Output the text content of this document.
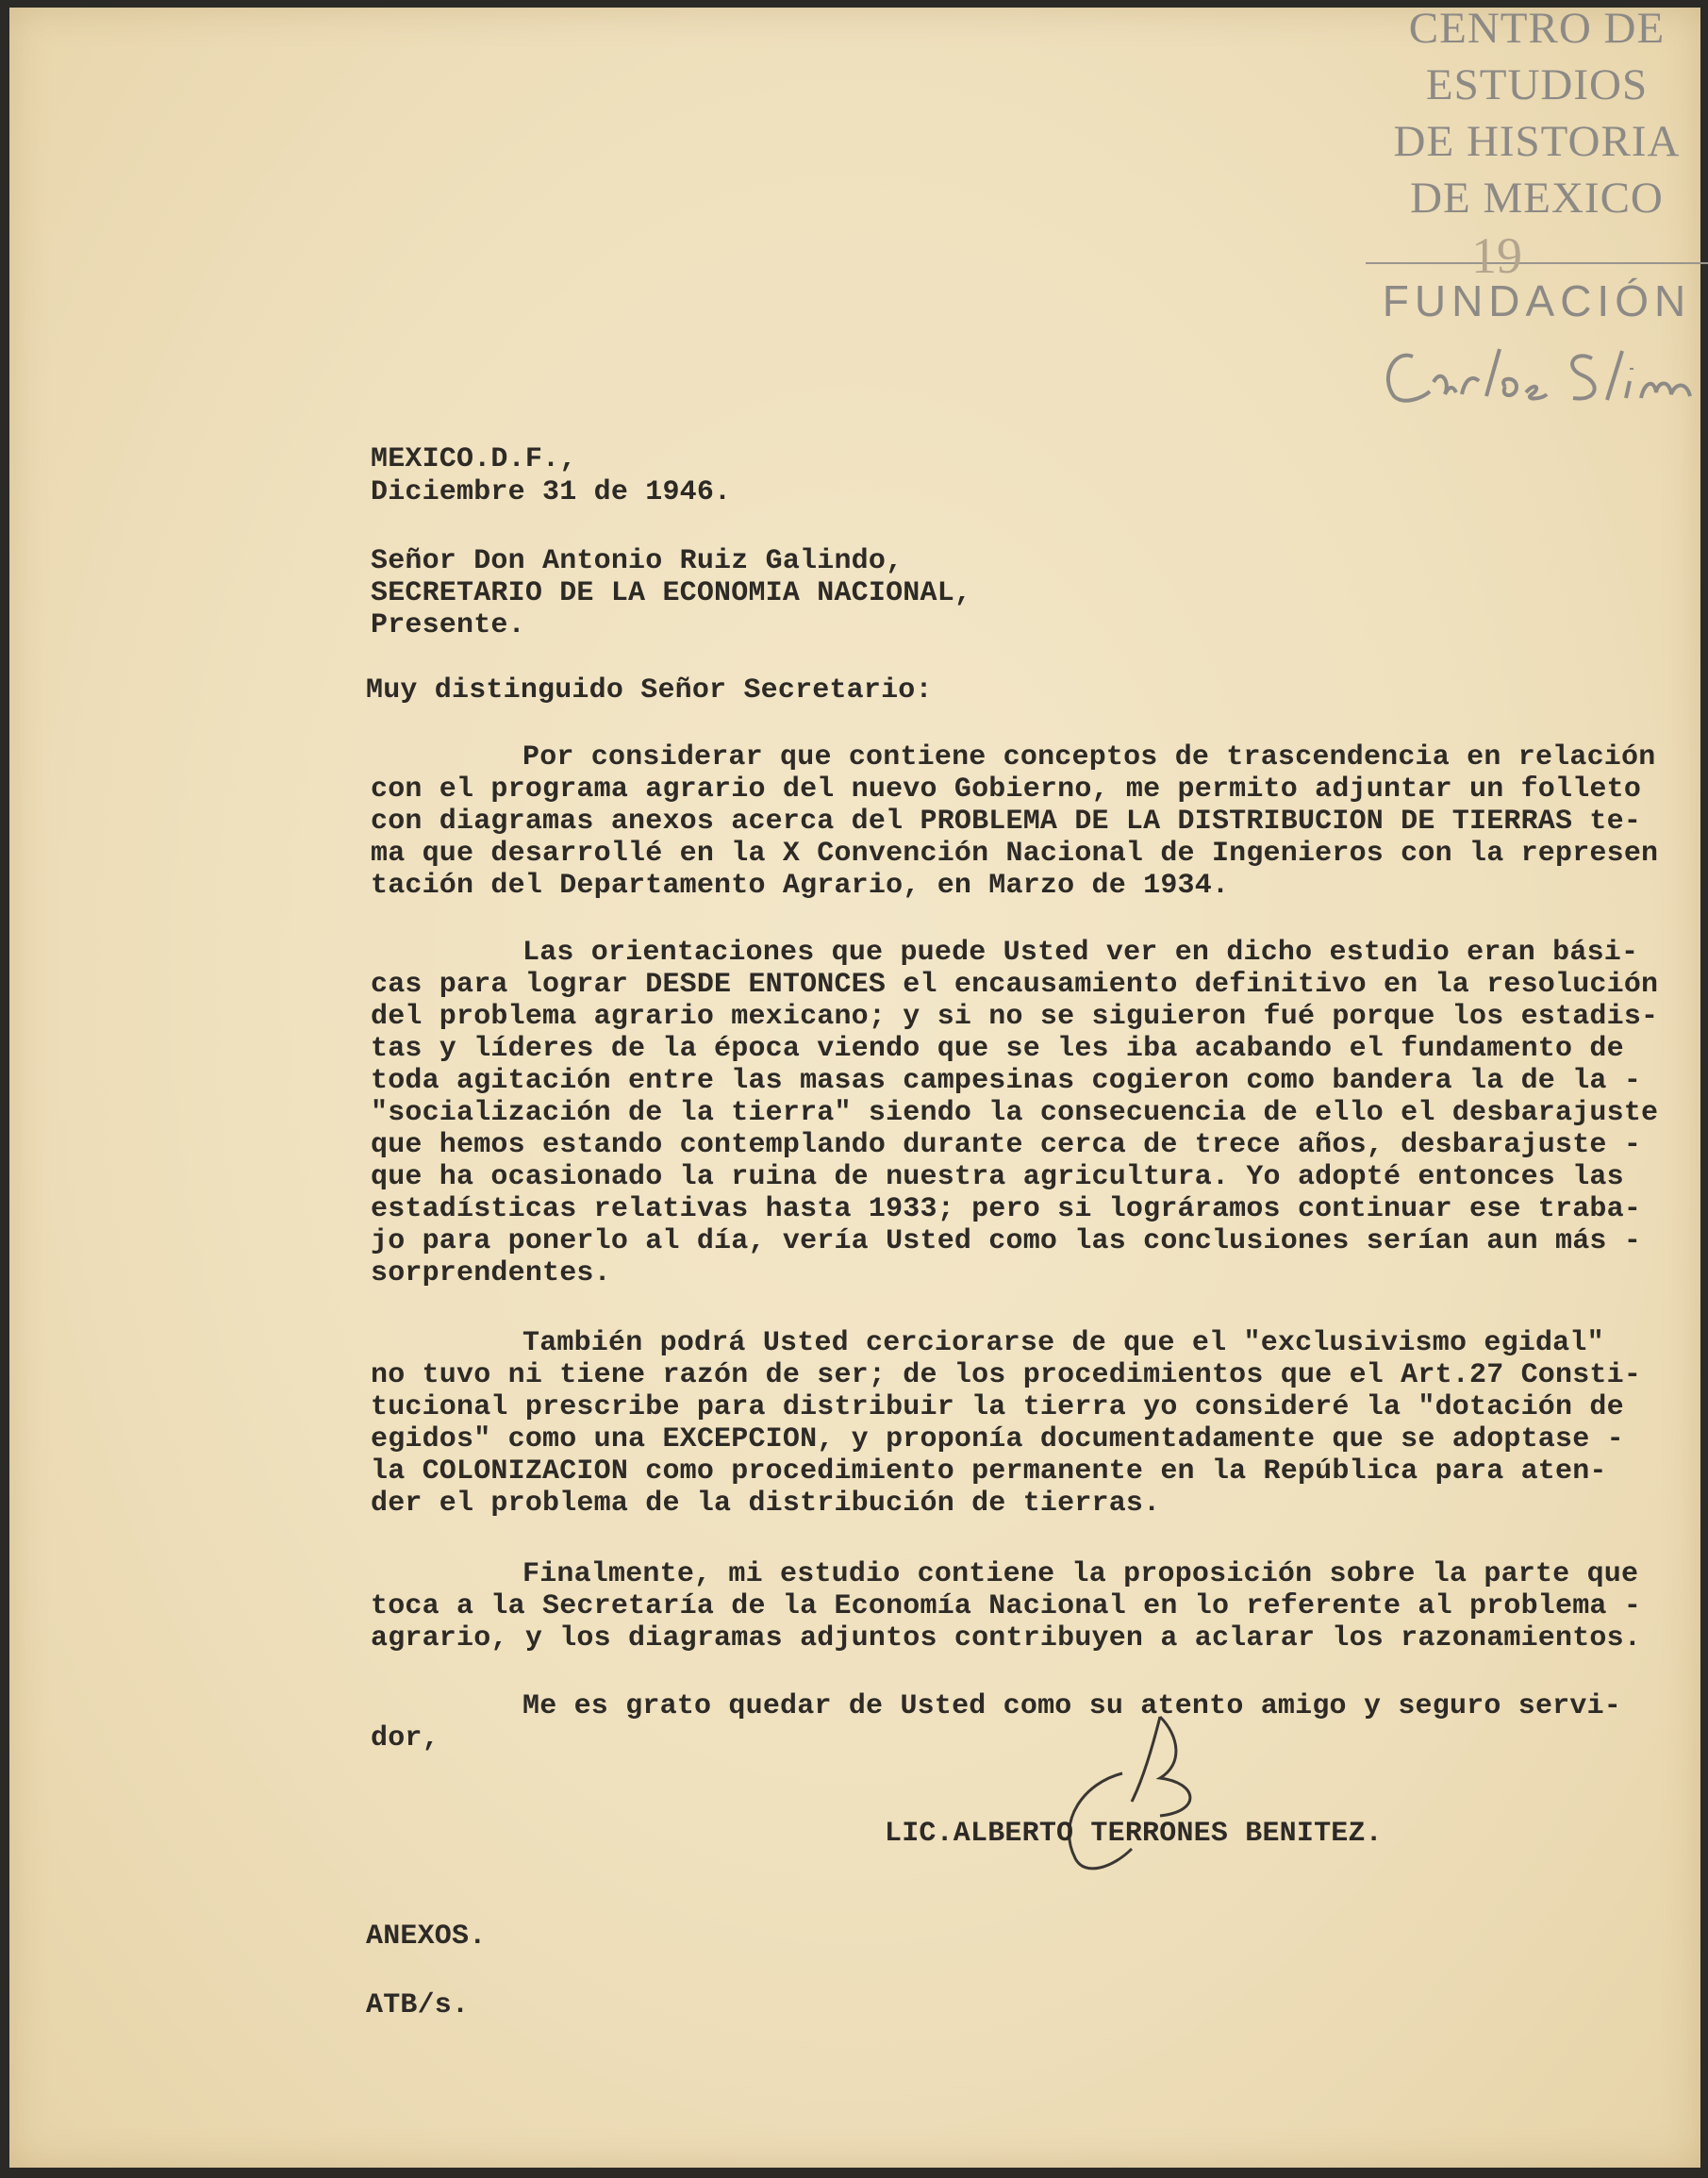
CENTRO DE
ESTUDIOS
DE HISTORIA
DE MEXICO
FUNDACIÓN
19
MEXICO.D.F.,
Diciembre 31 de 1946.
Señor Don Antonio Ruiz Galindo,
SECRETARIO DE LA ECONOMIA NACIONAL,
Presente.
Muy distinguido Señor Secretario:
Por considerar que contiene conceptos de trascendencia en relación
con el programa agrario del nuevo Gobierno, me permito adjuntar un folleto
con diagramas anexos acerca del PROBLEMA DE LA DISTRIBUCION DE TIERRAS te-
ma que desarrollé en la X Convención Nacional de Ingenieros con la represen
tación del Departamento Agrario, en Marzo de 1934.
Las orientaciones que puede Usted ver en dicho estudio eran bási-
cas para lograr DESDE ENTONCES el encausamiento definitivo en la resolución
del problema agrario mexicano; y si no se siguieron fué porque los estadis-
tas y líderes de la época viendo que se les iba acabando el fundamento de
toda agitación entre las masas campesinas cogieron como bandera la de la -
"socialización de la tierra" siendo la consecuencia de ello el desbarajuste
que hemos estando contemplando durante cerca de trece años, desbarajuste -
que ha ocasionado la ruina de nuestra agricultura. Yo adopté entonces las
estadísticas relativas hasta 1933; pero si lográramos continuar ese traba-
jo para ponerlo al día, vería Usted como las conclusiones serían aun más -
sorprendentes.
También podrá Usted cerciorarse de que el "exclusivismo egidal"
no tuvo ni tiene razón de ser; de los procedimientos que el Art.27 Consti-
tucional prescribe para distribuir la tierra yo consideré la "dotación de
egidos" como una EXCEPCION, y proponía documentadamente que se adoptase -
la COLONIZACION como procedimiento permanente en la República para aten-
der el problema de la distribución de tierras.
Finalmente, mi estudio contiene la proposición sobre la parte que
toca a la Secretaría de la Economía Nacional en lo referente al problema -
agrario, y los diagramas adjuntos contribuyen a aclarar los razonamientos.
Me es grato quedar de Usted como su atento amigo y seguro servi-
dor,
LIC.ALBERTO TERRONES BENITEZ.
ANEXOS.
ATB/s.
